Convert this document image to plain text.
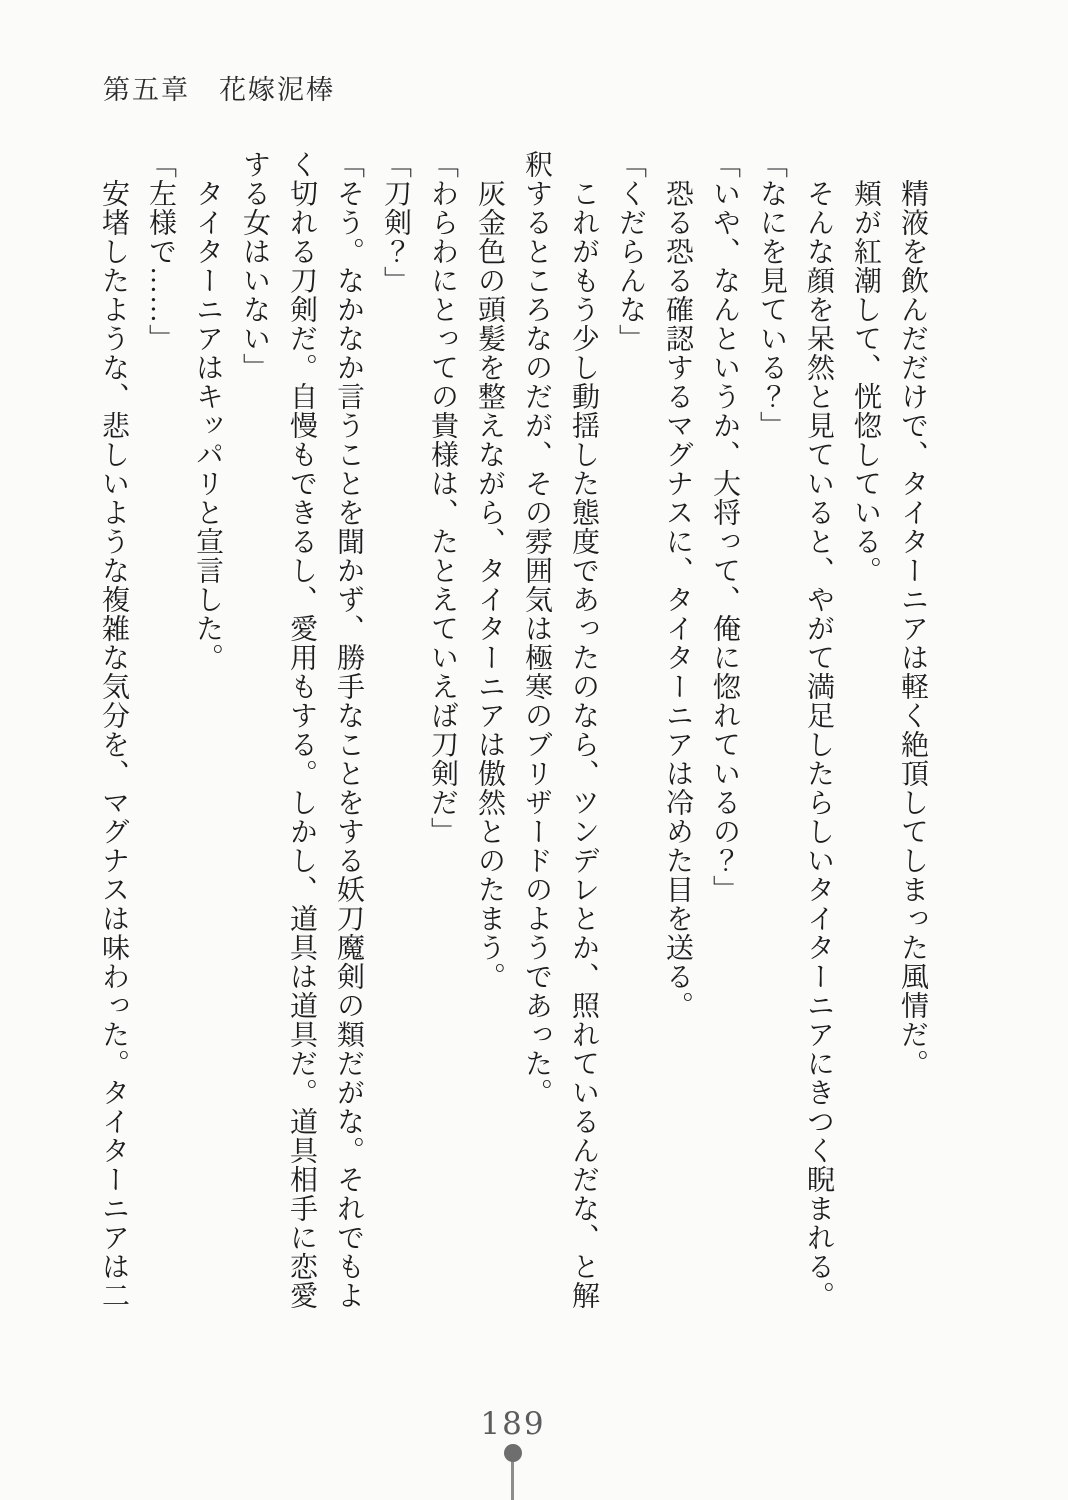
第五章　花嫁泥棒
　精液を飲んだだけで、タイターニアは軽く絶頂してしまった風情だ。
　頬が紅潮して、恍惚している。
　そんな顔を呆然と見ていると、やがて満足したらしいタイターニアにきつく睨まれる。
「なにを見ている？」
「いや、なんというか、大将って、俺に惚れているの？」
　恐る恐る確認するマグナスに、タイターニアは冷めた目を送る。
「くだらんな」
　これがもう少し動揺した態度であったのなら、ツンデレとか、照れているんだな、と解
釈するところなのだが、その雰囲気は極寒のブリザードのようであった。
　灰金色の頭髪を整えながら、タイターニアは傲然とのたまう。
「わらわにとっての貴様は、たとえていえば刀剣だ」
「刀剣？」
「そう。なかなか言うことを聞かず、勝手なことをする妖刀魔剣の類だがな。それでもよ
く切れる刀剣だ。自慢もできるし、愛用もする。しかし、道具は道具だ。道具相手に恋愛
する女はいない」
　タイターニアはキッパリと宣言した。
「左様で……」
　安堵したような、悲しいような複雑な気分を、マグナスは味わった。タイターニアは二
189
